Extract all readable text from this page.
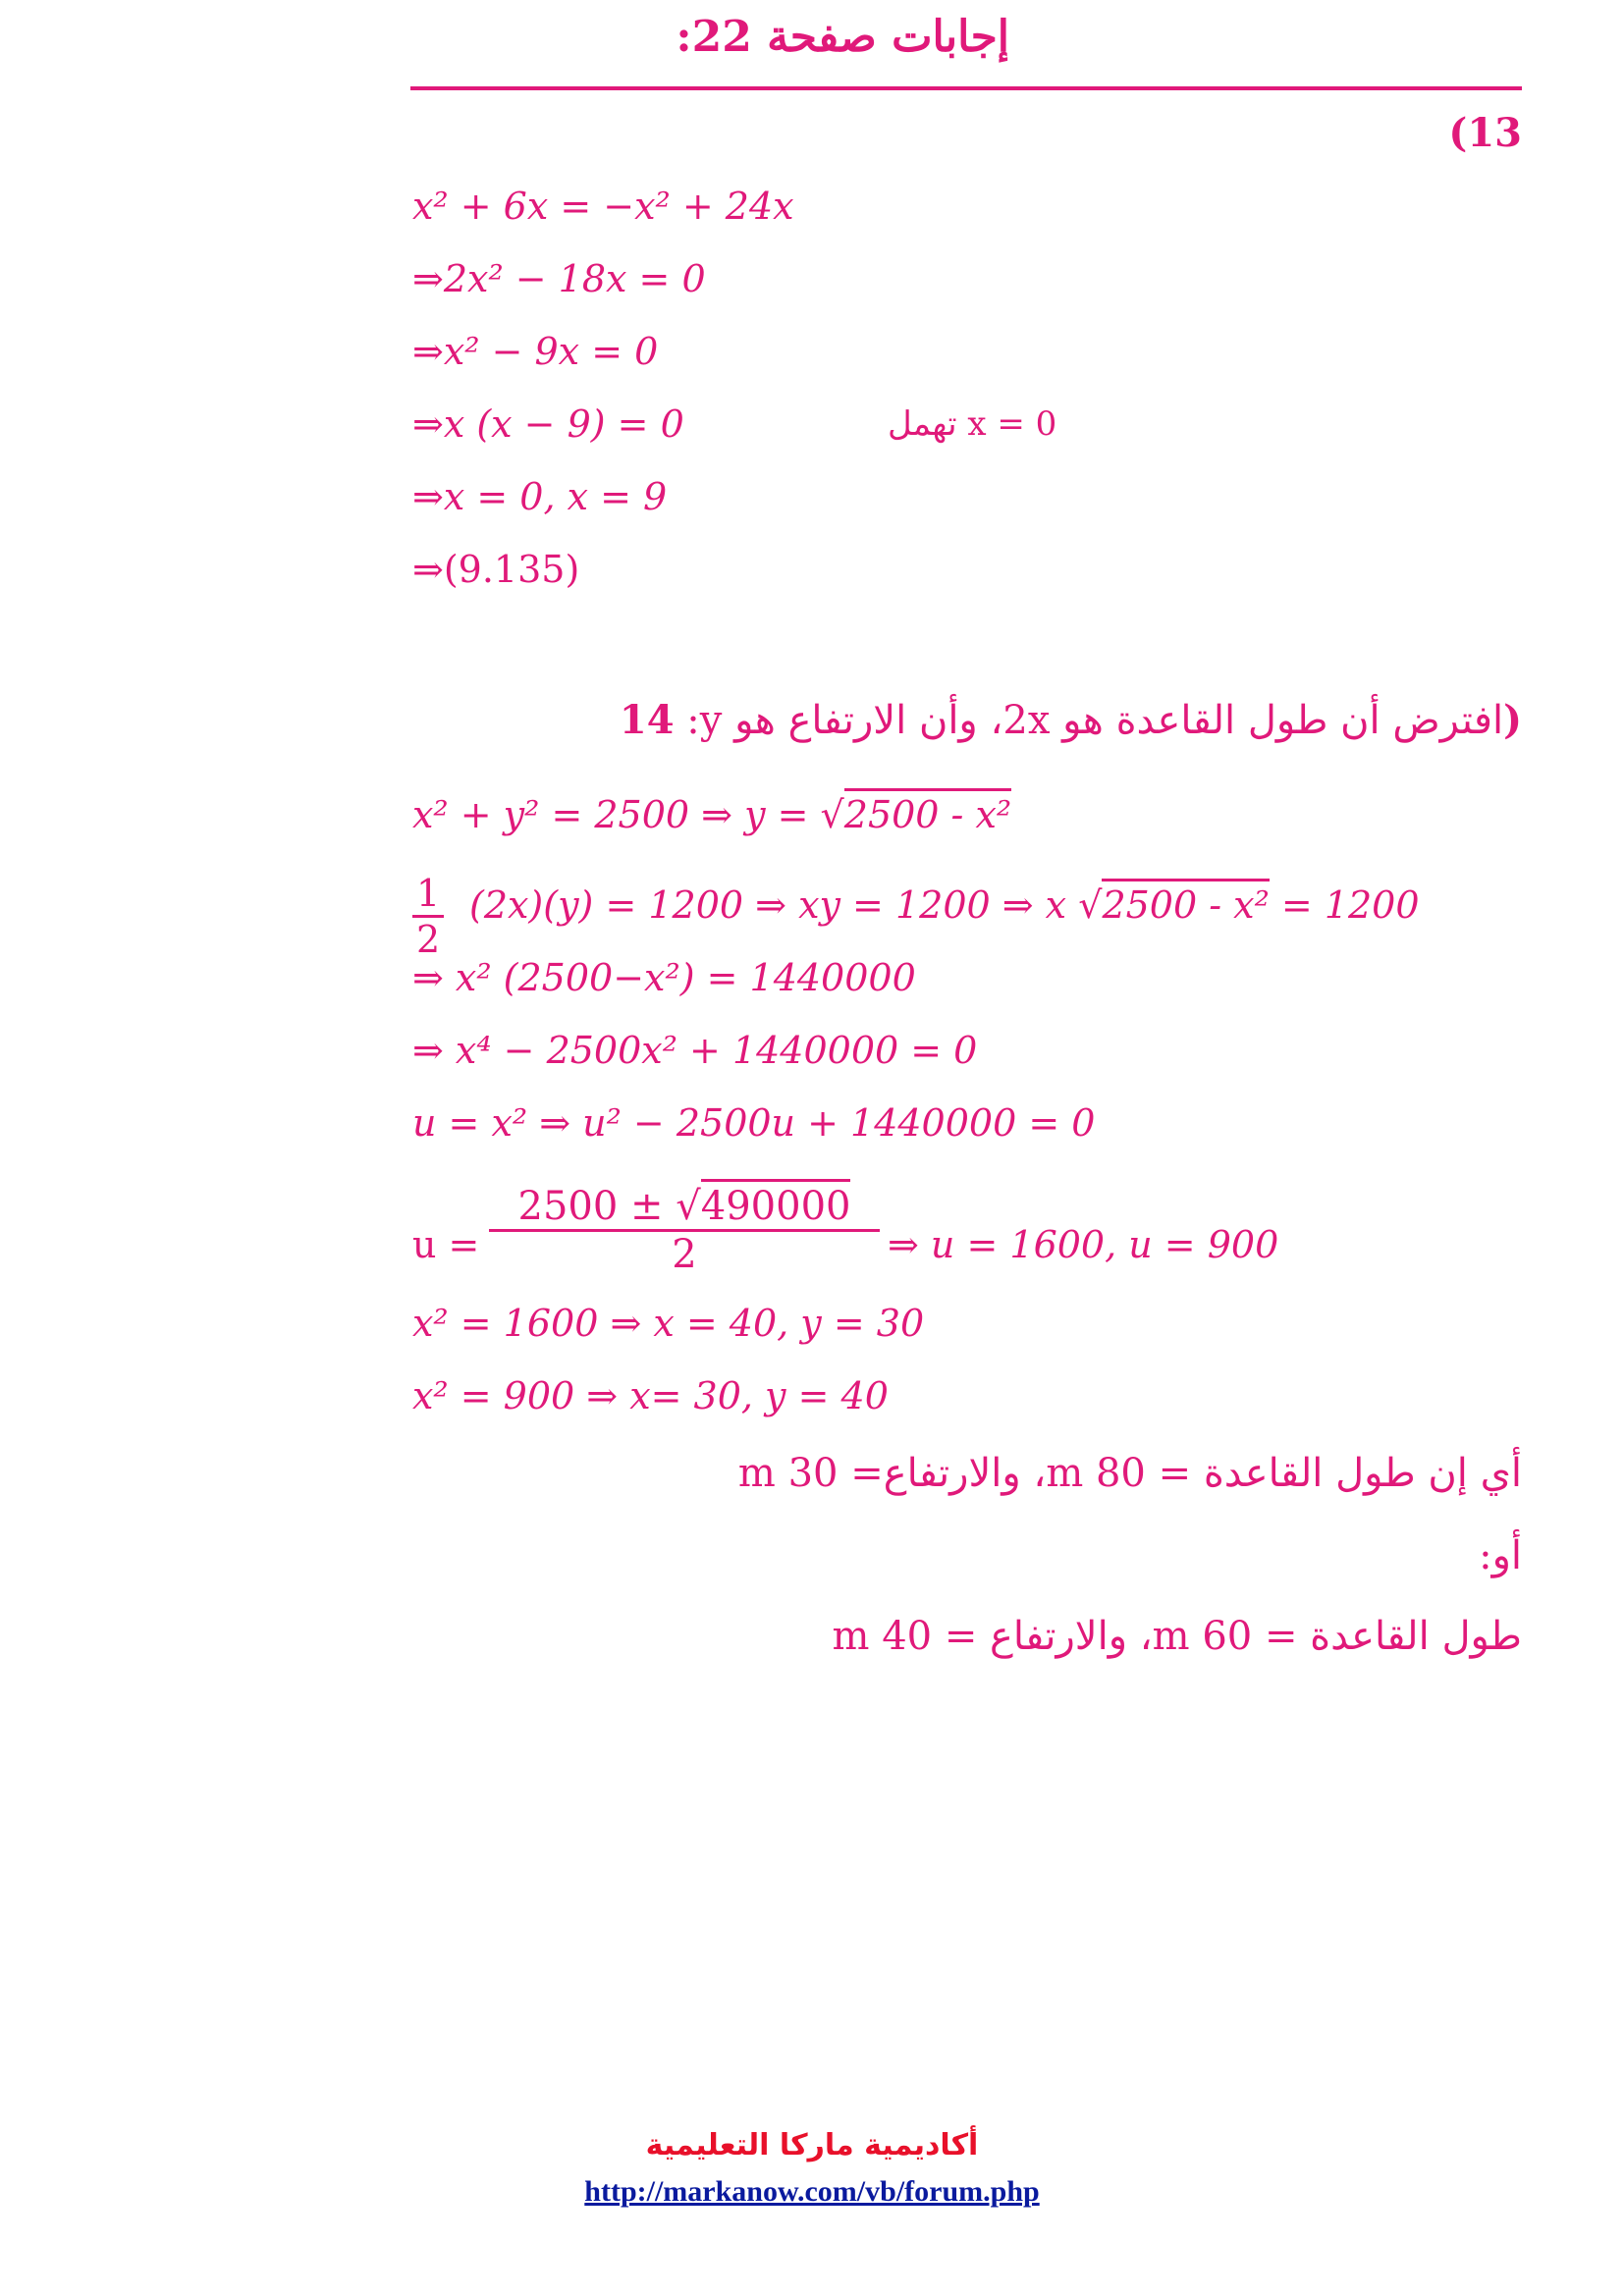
إجابات صفحة 22:
(13
x² + 6x = −x² + 24x
⇒2x² − 18x = 0
⇒x² − 9x = 0
⇒x (x − 9) = 0	x = 0 تهمل
⇒x = 0, x = 9
⇒(9.135)
افترض أن طول القاعدة هو 2x، وأن الارتفاع هو y: 14)
x² + y² = 2500 ⇒ y = √2500 - x²
1
2
(2x)(y) = 1200 ⇒ xy = 1200 ⇒ x √2500 - x² = 1200
⇒ x² (2500−x²) = 1440000
⇒ x⁴ − 2500x² + 1440000 = 0
u = x² ⇒ u² − 2500u + 1440000 = 0
u =
2500 ± √490000
2	⇒ u = 1600, u = 900
x² = 1600 ⇒ x = 40, y = 30
x² = 900 ⇒ x= 30, y = 40
أي إن طول القاعدة = 80 m، والارتفاع= 30 m
أو:
طول القاعدة = 60 m، والارتفاع = 40 m
أكاديمية ماركا التعليمية
http://markanow.com/vb/forum.php
